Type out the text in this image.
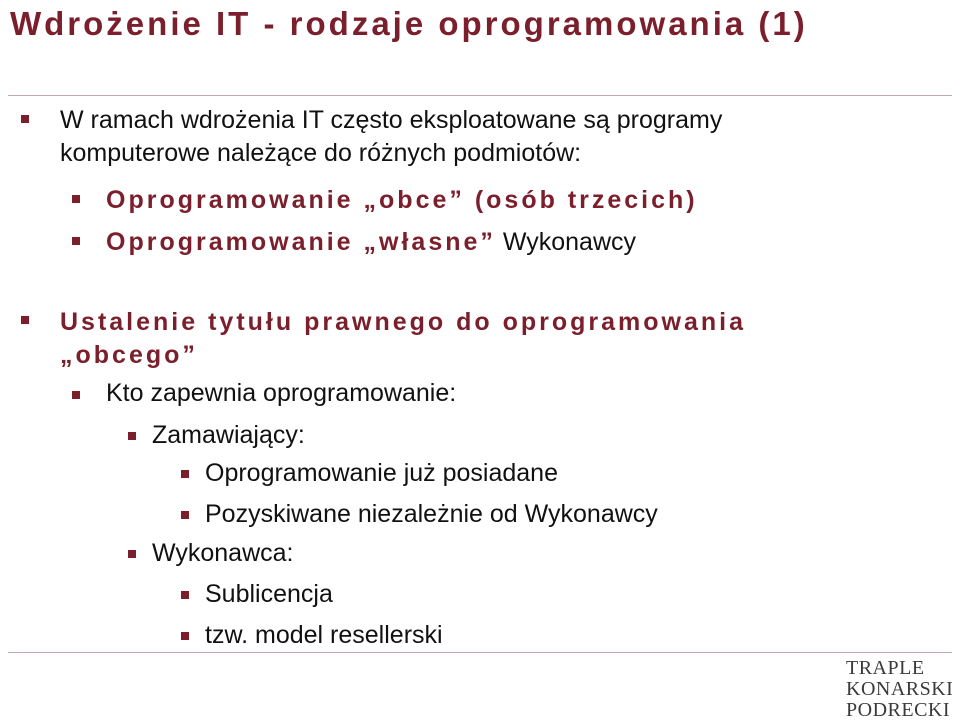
Wdrożenie IT - rodzaje oprogramowania (1)
W ramach wdrożenia IT często eksploatowane są programy komputerowe należące do różnych podmiotów:
Oprogramowanie „obce” (osób trzecich)
Oprogramowanie „własne” Wykonawcy
Ustalenie tytułu prawnego do oprogramowania „obcego”
Kto zapewnia oprogramowanie:
Zamawiający:
Oprogramowanie już posiadane
Pozyskiwane niezależnie od Wykonawcy
Wykonawca:
Sublicencja
tzw. model resellerski
TRAPLE
KONARSKI
PODRECKI
